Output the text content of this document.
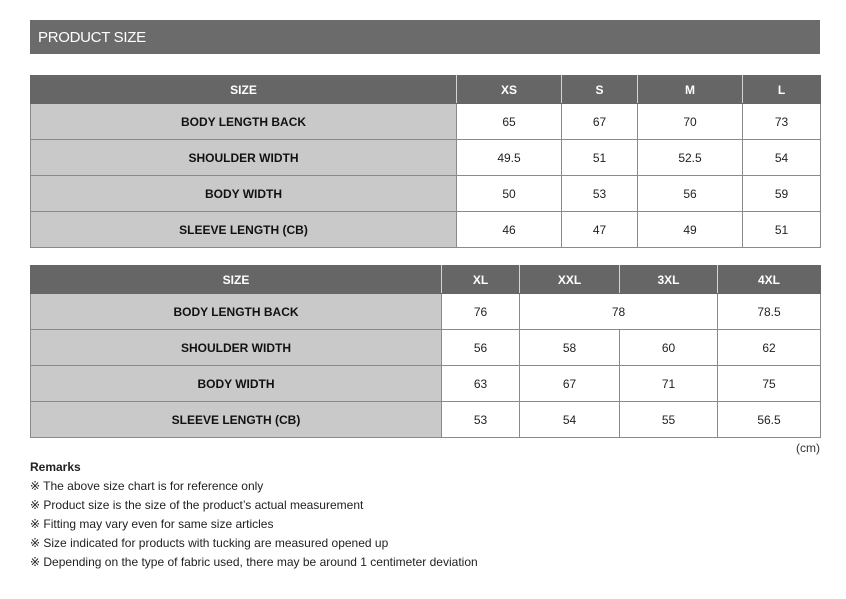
PRODUCT SIZE
SIZE	XS	S	M	L
BODY LENGTH BACK	65	67	70	73
SHOULDER WIDTH	49.5	51	52.5	54
BODY WIDTH	50	53	56	59
SLEEVE LENGTH (CB)	46	47	49	51
SIZE	XL	XXL	3XL	4XL
BODY LENGTH BACK	76	78		78.5
SHOULDER WIDTH	56	58	60	62
BODY WIDTH	63	67	71	75
SLEEVE LENGTH (CB)	53	54	55	56.5
(cm)
Remarks
※ The above size chart is for reference only
※ Product size is the size of the product’s actual measurement
※ Fitting may vary even for same size articles
※ Size indicated for products with tucking are measured opened up
※ Depending on the type of fabric used, there may be around 1 centimeter deviation
